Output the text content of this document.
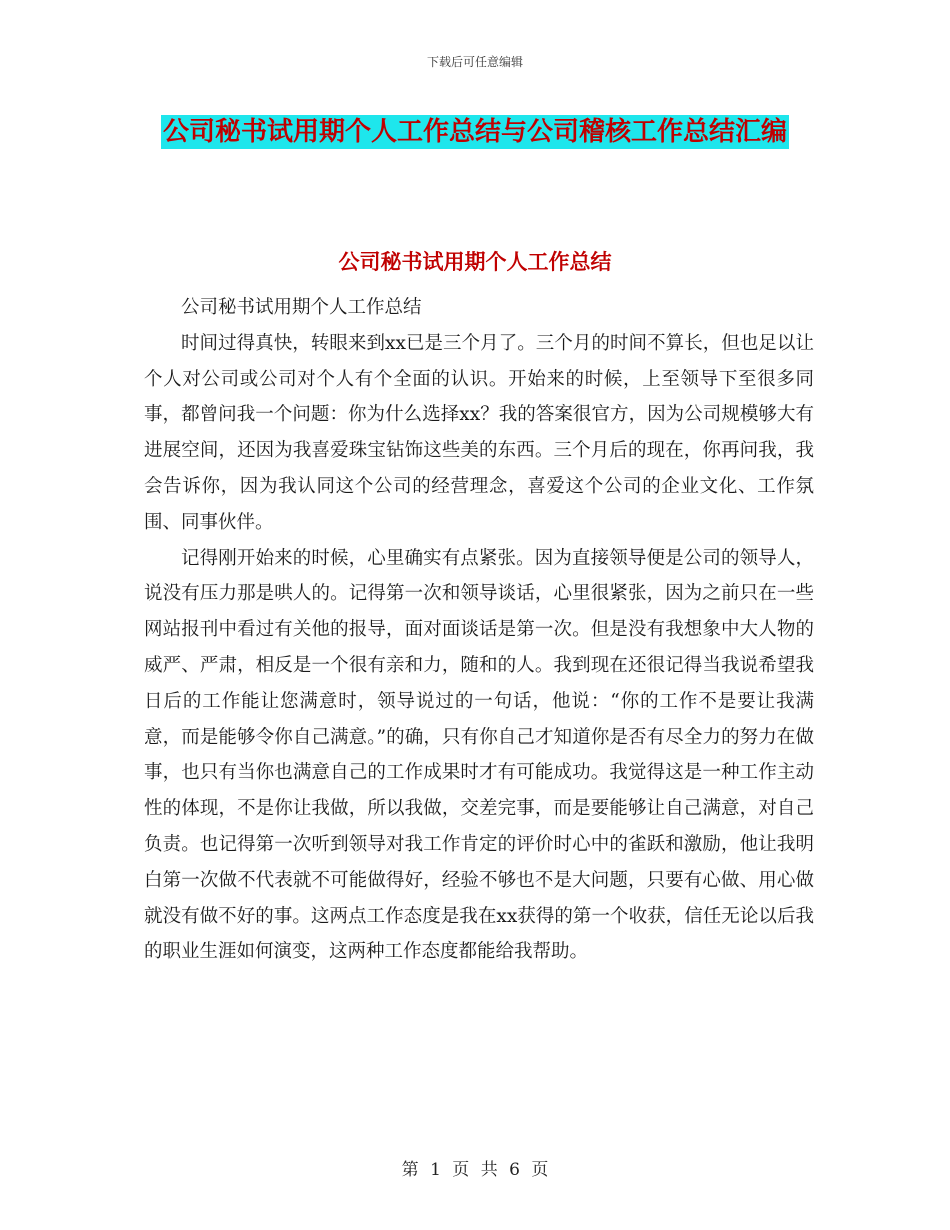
下载后可任意编辑
公司秘书试用期个人工作总结与公司稽核工作总结汇编
公司秘书试用期个人工作总结

公司秘书试用期个人工作总结

时间过得真快，转眼来到xx已是三个月了。三个月的时间不算长，但也足以让个人对公司或公司对个人有个全面的认识。开始来的时候，上至领导下至很多同事，都曾问我一个问题：你为什么选择xx？我的答案很官方，因为公司规模够大有进展空间，还因为我喜爱珠宝钻饰这些美的东西。三个月后的现在，你再问我，我会告诉你，因为我认同这个公司的经营理念，喜爱这个公司的企业文化、工作氛围、同事伙伴。

记得刚开始来的时候，心里确实有点紧张。因为直接领导便是公司的领导人，说没有压力那是哄人的。记得第一次和领导谈话，心里很紧张，因为之前只在一些网站报刊中看过有关他的报导，面对面谈话是第一次。但是没有我想象中大人物的威严、严肃，相反是一个很有亲和力，随和的人。我到现在还很记得当我说希望我日后的工作能让您满意时，领导说过的一句话，他说：“你的工作不是要让我满意，而是能够令你自己满意。”的确，只有你自己才知道你是否有尽全力的努力在做事，也只有当你也满意自己的工作成果时才有可能成功。我觉得这是一种工作主动性的体现，不是你让我做，所以我做，交差完事，而是要能够让自己满意，对自己负责。也记得第一次听到领导对我工作肯定的评价时心中的雀跃和激励，他让我明白第一次做不代表就不可能做得好，经验不够也不是大问题，只要有心做、用心做就没有做不好的事。这两点工作态度是我在xx获得的第一个收获，信任无论以后我的职业生涯如何演变，这两种工作态度都能给我帮助。

第 1 页 共 6 页
